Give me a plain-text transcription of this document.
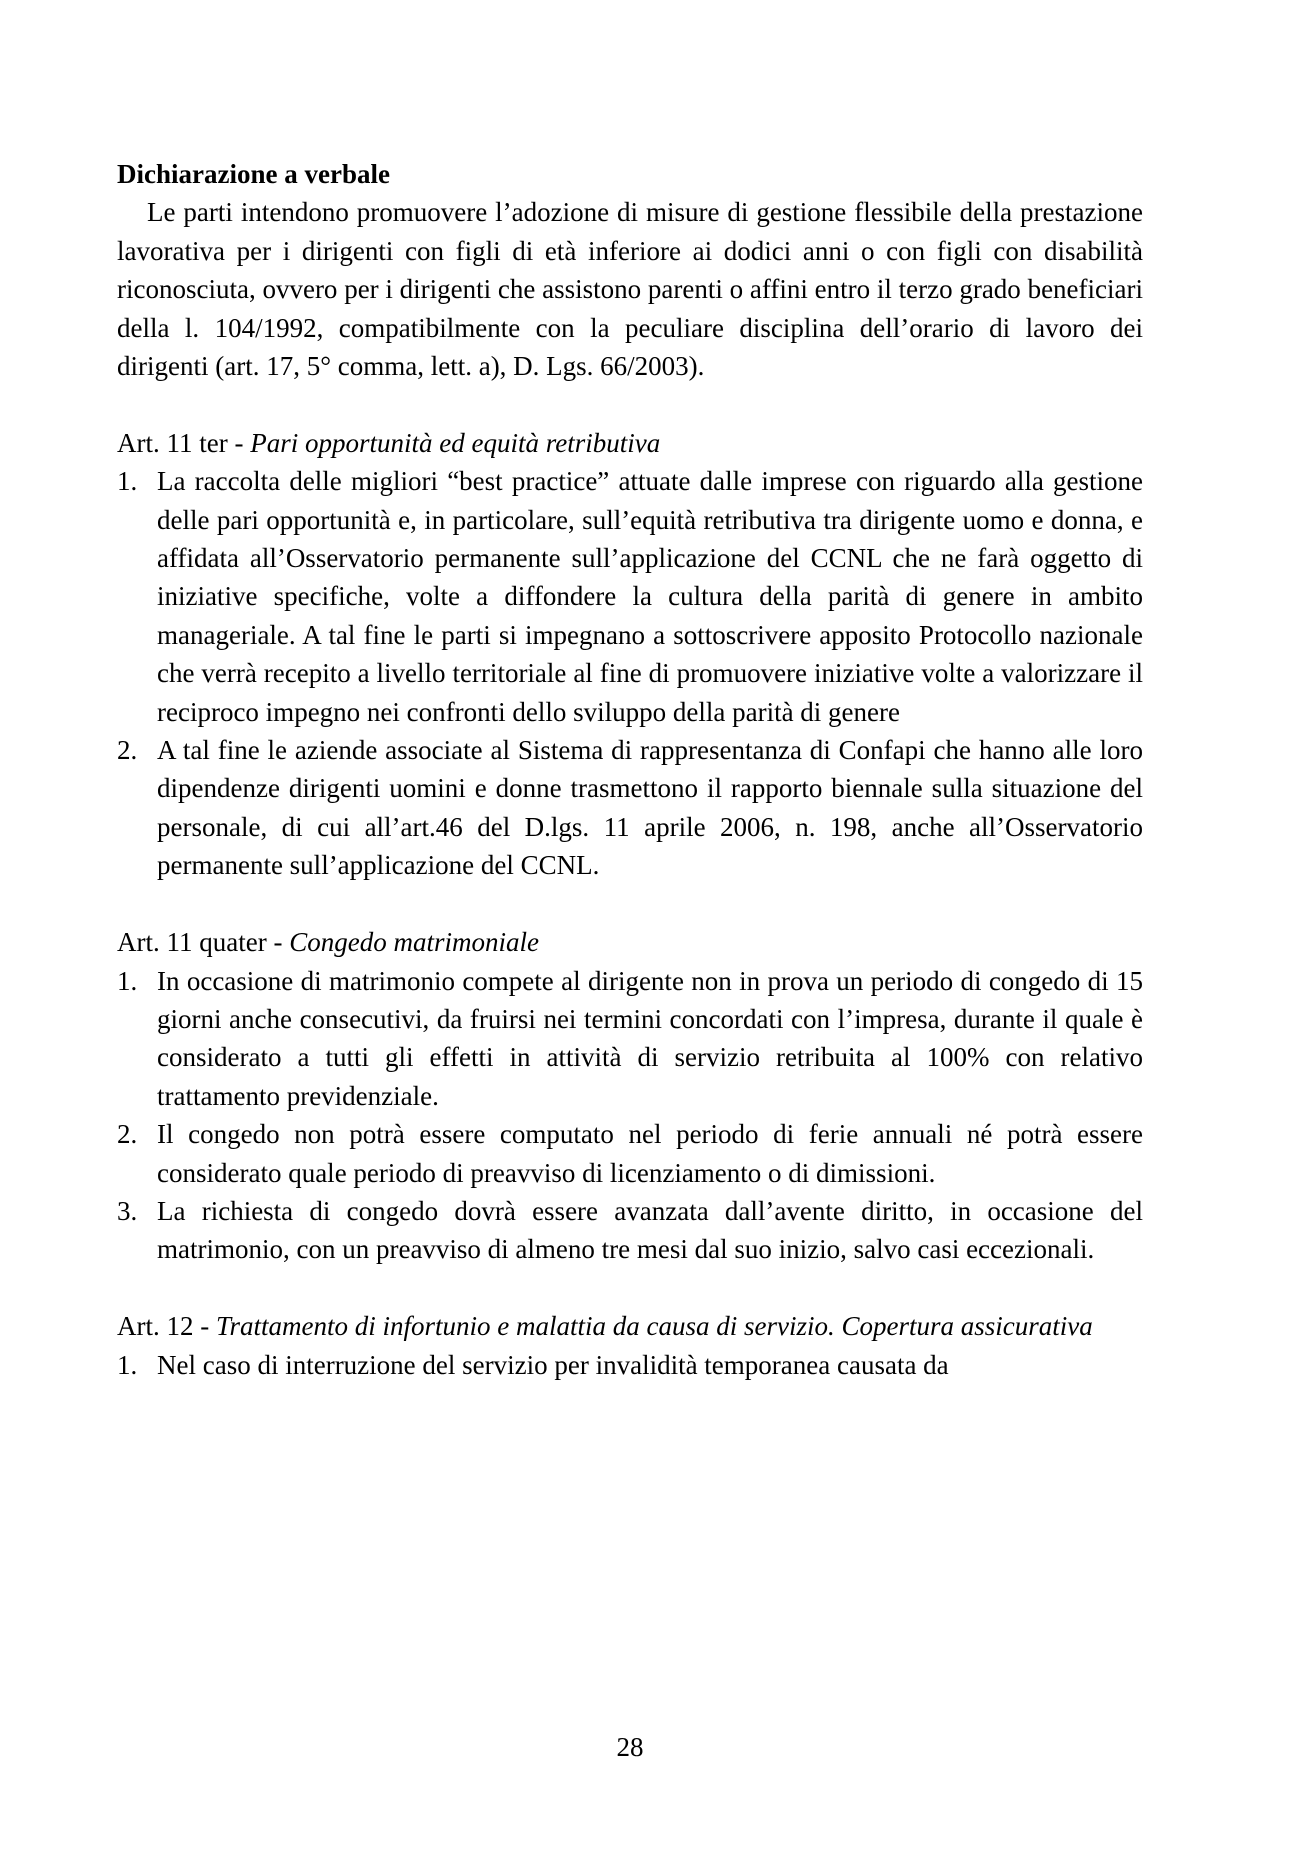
Dichiarazione a verbale
Le parti intendono promuovere l’adozione di misure di gestione flessibile della prestazione lavorativa per i dirigenti con figli di età inferiore ai dodici anni o con figli con disabilità riconosciuta, ovvero per i dirigenti che assistono parenti o affini entro il terzo grado beneficiari della l. 104/1992, compatibilmente con la peculiare disciplina dell’orario di lavoro dei dirigenti (art. 17, 5° comma, lett. a), D. Lgs. 66/2003).
Art. 11 ter - Pari opportunità ed equità retributiva
1. La raccolta delle migliori “best practice” attuate dalle imprese con riguardo alla gestione delle pari opportunità e, in particolare, sull’equità retributiva tra dirigente uomo e donna, e affidata all’Osservatorio permanente sull’applicazione del CCNL che ne farà oggetto di iniziative specifiche, volte a diffondere la cultura della parità di genere in ambito manageriale. A tal fine le parti si impegnano a sottoscrivere apposito Protocollo nazionale che verrà recepito a livello territoriale al fine di promuovere iniziative volte a valorizzare il reciproco impegno nei confronti dello sviluppo della parità di genere
2. A tal fine le aziende associate al Sistema di rappresentanza di Confapi che hanno alle loro dipendenze dirigenti uomini e donne trasmettono il rapporto biennale sulla situazione del personale, di cui all’art.46 del D.lgs. 11 aprile 2006, n. 198, anche all’Osservatorio permanente sull’applicazione del CCNL.
Art. 11 quater - Congedo matrimoniale
1. In occasione di matrimonio compete al dirigente non in prova un periodo di congedo di 15 giorni anche consecutivi, da fruirsi nei termini concordati con l’impresa, durante il quale è considerato a tutti gli effetti in attività di servizio retribuita al 100% con relativo trattamento previdenziale.
2. Il congedo non potrà essere computato nel periodo di ferie annuali né potrà essere considerato quale periodo di preavviso di licenziamento o di dimissioni.
3. La richiesta di congedo dovrà essere avanzata dall’avente diritto, in occasione del matrimonio, con un preavviso di almeno tre mesi dal suo inizio, salvo casi eccezionali.
Art. 12 - Trattamento di infortunio e malattia da causa di servizio. Copertura assicurativa
1. Nel caso di interruzione del servizio per invalidità temporanea causata da
28
